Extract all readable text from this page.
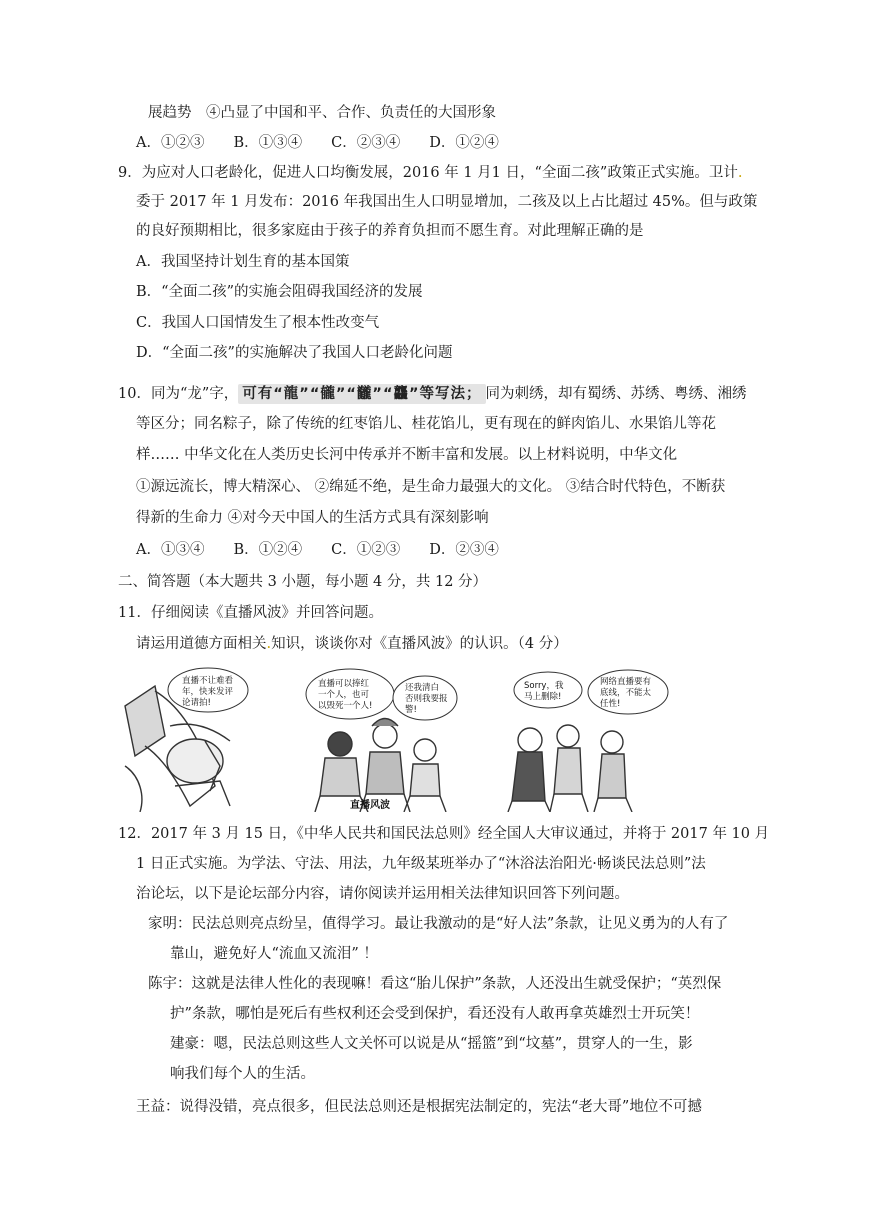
展趋势　④凸显了中国和平、合作、负责任的大国形象
A．①②③　　B．①③④　　C．②③④　　D．①②④
9．为应对人口老龄化，促进人口均衡发展，2016 年 1 月1 日，“全面二孩”政策正式实施。卫计.
委于 2017 年 1 月发布：2016 年我国出生人口明显增加，二孩及以上占比超过 45%。但与政策
的良好预期相比，很多家庭由于孩子的养育负担而不愿生育。对此理解正确的是
A．我国坚持计划生育的基本国策
B．“全面二孩”的实施会阻碍我国经济的发展
C．我国人口国情发生了根本性改变气
D．“全面二孩”的实施解决了我国人口老龄化问题
10．同为“龙”字， 可有“龍”“龓”“龖”“龘”等写法； 同为刺绣，却有蜀绣、苏绣、粤绣、湘绣
等区分；同名粽子，除了传统的红枣馅儿、桂花馅儿，更有现在的鲜肉馅儿、水果馅儿等花
样…… 中华文化在人类历史长河中传承并不断丰富和发展。以上材料说明，中华文化
①源远流长，博大精深心、 ②绵延不绝，是生命力最强大的文化。 ③结合时代特色，不断获
得新的生命力 ④对今天中国人的生活方式具有深刻影响
A．①③④　　B．①②④　　C．①②③　　D．②③④
二、简答题（本大题共 3 小题，每小题 4 分，共 12 分）
11．仔细阅读《直播风波》并回答问题。
请运用道德方面相关.知识，谈谈你对《直播风波》的认识。（4 分）
直播不让难看
年，快来发评
论请拍!
直播可以捧红
一个人，也可
以毁死一个人!
还我清白
否则我要报
警!
Sorry，我
马上删除!
网络直播要有
底线，不能太
任性!
直播风波
12．2017 年 3 月 15 日，《中华人民共和国民法总则》经全国人大审议通过，并将于 2017 年 10 月
1 日正式实施。为学法、守法、用法，九年级某班举办了“沐浴法治阳光·畅谈民法总则”法
治论坛，以下是论坛部分内容，请你阅读并运用相关法律知识回答下列问题。
家明：民法总则亮点纷呈，值得学习。最让我激动的是“好人法”条款，让见义勇为的人有了
靠山，避免好人“流血又流泪” ！
陈宇：这就是法律人性化的表现嘛！看这“胎儿保护”条款，人还没出生就受保护；“英烈保
护”条款，哪怕是死后有些权利还会受到保护，看还没有人敢再拿英雄烈士开玩笑！
建豪：嗯，民法总则这些人文关怀可以说是从“摇篮”到“坟墓”，贯穿人的一生，影
响我们每个人的生活。
王益：说得没错，亮点很多，但民法总则还是根据宪法制定的，宪法“老大哥”地位不可撼
